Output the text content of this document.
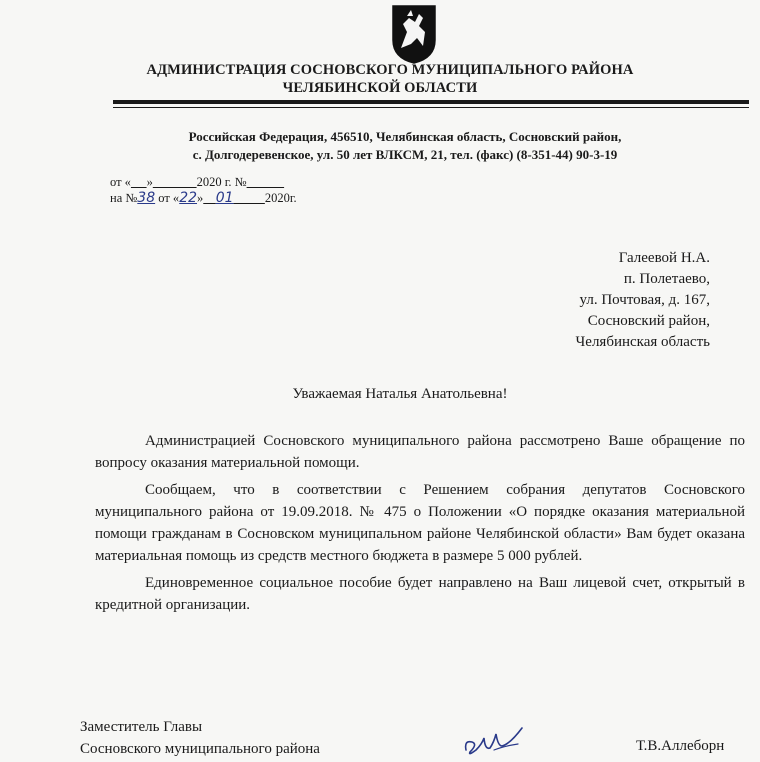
АДМИНИСТРАЦИЯ СОСНОВСКОГО МУНИЦИПАЛЬНОГО РАЙОНА
ЧЕЛЯБИНСКОЙ ОБЛАСТИ
Российская Федерация, 456510, Челябинская область, Сосновский район,
с. Долгодеревенское, ул. 50 лет ВЛКСМ, 21, тел. (факс) (8-351-44) 90-3-19
от « »	2020 г. №
на №38 от «22» 01	2020г.
Галеевой Н.А.
п. Полетаево,
ул. Почтовая, д. 167,
Сосновский район,
Челябинская область
Уважаемая Наталья Анатольевна!

Администрацией Сосновского муниципального района рассмотрено Ваше обращение по вопросу оказания материальной помощи.

Сообщаем, что в соответствии с Решением собрания депутатов Сосновского муниципального района от 19.09.2018. № 475 о Положении «О порядке оказания материальной помощи гражданам в Сосновском муниципальном районе Челябинской области» Вам будет оказана материальная помощь из средств местного бюджета в размере 5 000 рублей.

Единовременное социальное пособие будет направлено на Ваш лицевой счет, открытый в кредитной организации.

Заместитель Главы
Сосновского муниципального района	Т.В.Аллеборн
